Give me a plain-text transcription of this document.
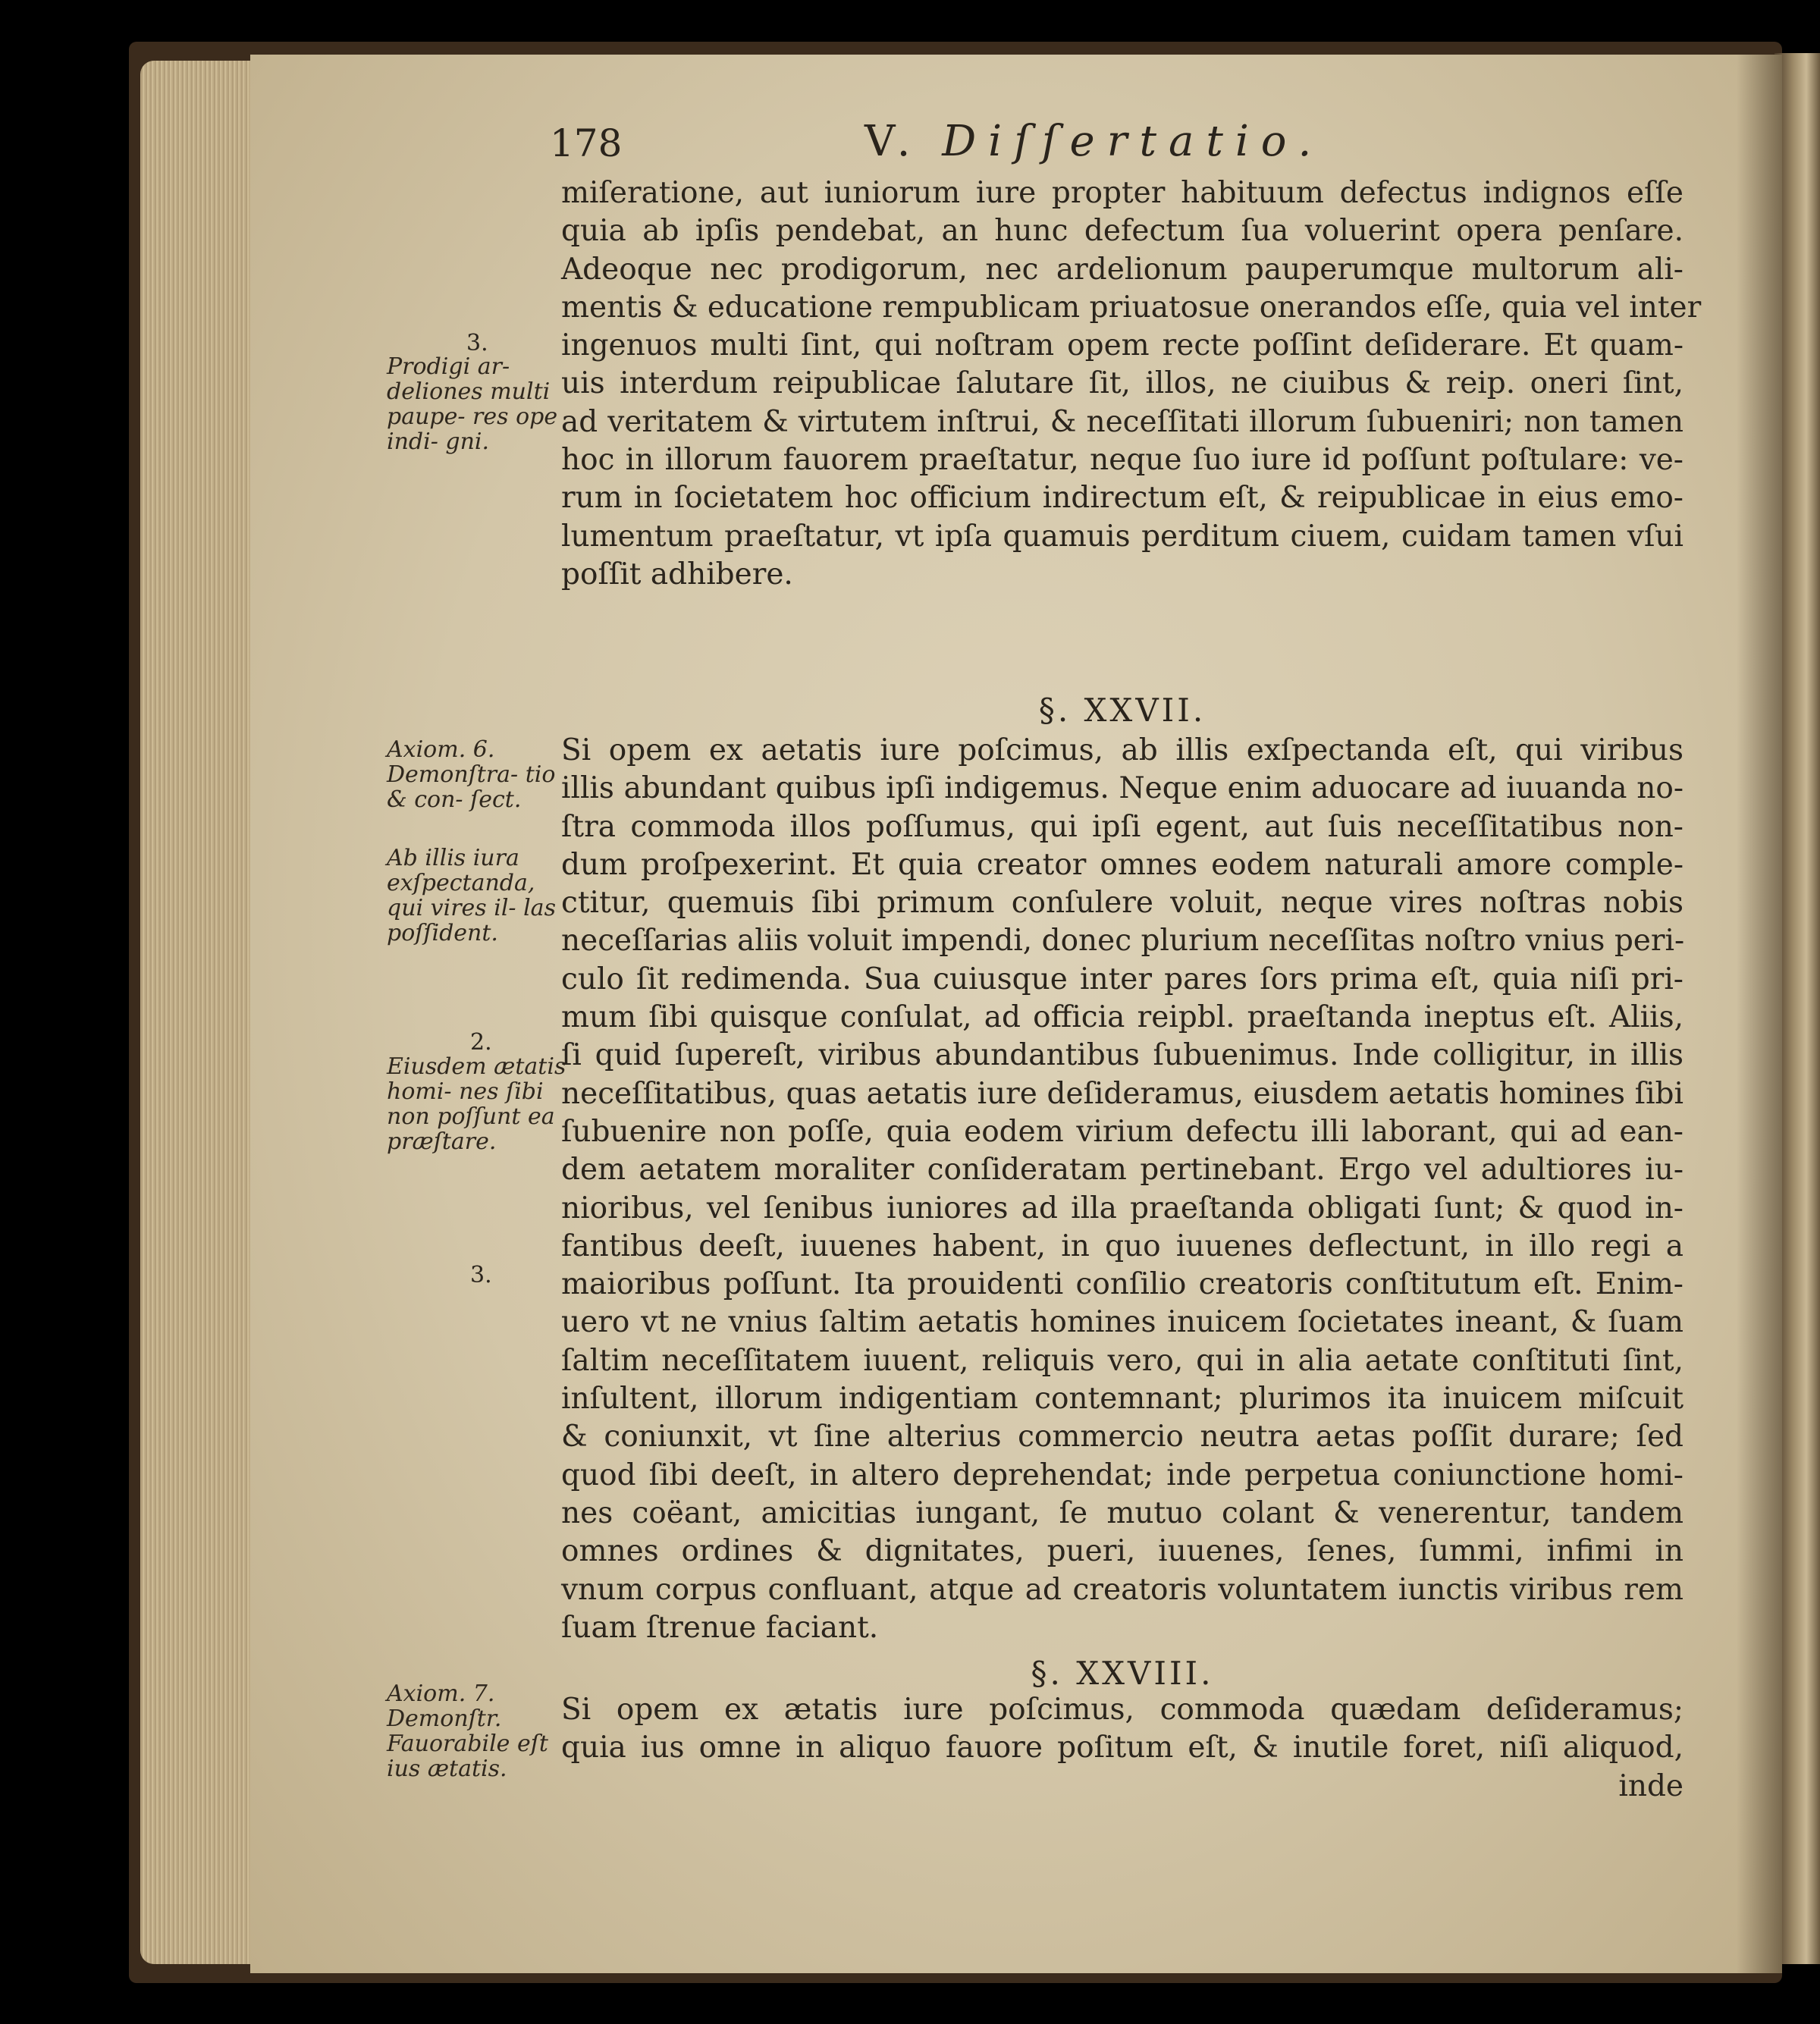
178	V. Diſſertatio.
miſeratione, aut iuniorum iure propter habituum defectus indignos eſſe
quia ab ipſis pendebat, an hunc defectum ſua voluerint opera penſare.
Adeoque nec prodigorum, nec ardelionum pauperumque multorum ali-
mentis & educatione rempublicam priuatosue onerandos eſſe, quia vel inter
ingenuos multi ſint, qui noſtram opem recte poſſint deſiderare. Et quam-
uis interdum reipublicae ſalutare ſit, illos, ne ciuibus & reip. oneri ſint,
ad veritatem & virtutem inſtrui, & neceſſitati illorum ſubueniri; non tamen
hoc in illorum fauorem praeſtatur, neque ſuo iure id poſſunt poſtulare: ve-
rum in ſocietatem hoc officium indirectum eſt, & reipublicae in eius emo-
lumentum praeſtatur, vt ipſa quamuis perditum ciuem, cuidam tamen vſui
poſſit adhibere.
3.
Prodigi ar- deliones multi paupe- res ope indi- gni.
§. XXVII.
Axiom. 6. Demonſtra- tio & con- ſect.
Ab illis iura exſpectanda, qui vires il- las poſſident.
Si opem ex aetatis iure poſcimus, ab illis exſpectanda eſt, qui viribus
illis abundant quibus ipſi indigemus. Neque enim aduocare ad iuuanda no-
ſtra commoda illos poſſumus, qui ipſi egent, aut ſuis neceſſitatibus non-
dum proſpexerint. Et quia creator omnes eodem naturali amore comple-
ctitur, quemuis ſibi primum conſulere voluit, neque vires noſtras nobis
neceſſarias aliis voluit impendi, donec plurium neceſſitas noſtro vnius peri-
culo ſit redimenda. Sua cuiusque inter pares ſors prima eſt, quia niſi pri-
mum ſibi quisque conſulat, ad officia reipbl. praeſtanda ineptus eſt. Aliis,
ſi quid ſupereſt, viribus abundantibus ſubuenimus. Inde colligitur, in illis
neceſſitatibus, quas aetatis iure deſideramus, eiusdem aetatis homines ſibi
ſubuenire non poſſe, quia eodem virium defectu illi laborant, qui ad ean-
dem aetatem moraliter conſideratam pertinebant. Ergo vel adultiores iu-
nioribus, vel ſenibus iuniores ad illa praeſtanda obligati ſunt; & quod in-
fantibus deeſt, iuuenes habent, in quo iuuenes deflectunt, in illo regi a
maioribus poſſunt. Ita prouidenti conſilio creatoris conſtitutum eſt. Enim-
uero vt ne vnius ſaltim aetatis homines inuicem ſocietates ineant, & ſuam
ſaltim neceſſitatem iuuent, reliquis vero, qui in alia aetate conſtituti ſint,
inſultent, illorum indigentiam contemnant; plurimos ita inuicem miſcuit
& coniunxit, vt ſine alterius commercio neutra aetas poſſit durare; ſed
quod ſibi deeſt, in altero deprehendat; inde perpetua coniunctione homi-
nes coëant, amicitias iungant, ſe mutuo colant & venerentur, tandem
omnes ordines & dignitates, pueri, iuuenes, ſenes, ſummi, infimi in
vnum corpus confluant, atque ad creatoris voluntatem iunctis viribus rem
ſuam ſtrenue faciant.
2.
Eiusdem ætatis homi- nes ſibi non poſſunt ea præſtare.
3.
§. XXVIII.
Axiom. 7. Demonſtr. Fauorabile eſt ius ætatis.
Si opem ex ætatis iure poſcimus, commoda quædam deſideramus;
quia ius omne in aliquo fauore poſitum eſt, & inutile foret, niſi aliquod,
inde
